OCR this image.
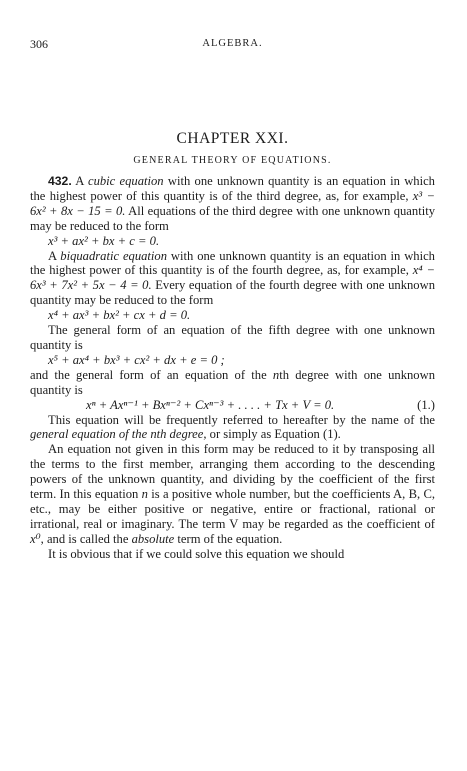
306	ALGEBRA.
CHAPTER XXI.
GENERAL THEORY OF EQUATIONS.

432. A cubic equation with one unknown quantity is an equation in which the highest power of this quantity is of the third degree, as, for example, x³ − 6x² + 8x − 15 = 0. All equations of the third degree with one unknown quantity may be reduced to the form

x³ + ax² + bx + c = 0.

A biquadratic equation with one unknown quantity is an equation in which the highest power of this quantity is of the fourth degree, as, for example, x⁴ − 6x³ + 7x² + 5x − 4 = 0. Every equation of the fourth degree with one unknown quantity may be reduced to the form

x⁴ + ax³ + bx² + cx + d = 0.

The general form of an equation of the fifth degree with one unknown quantity is

x⁵ + ax⁴ + bx³ + cx² + dx + e = 0 ;

and the general form of an equation of the nth degree with one unknown quantity is

xⁿ + Axⁿ⁻¹ + Bxⁿ⁻² + Cxⁿ⁻³ + . . . . + Tx + V = 0.	(1.)

This equation will be frequently referred to hereafter by the name of the general equation of the nth degree, or simply as Equation (1).

An equation not given in this form may be reduced to it by transposing all the terms to the first member, arranging them according to the descending powers of the unknown quantity, and dividing by the coefficient of the first term. In this equation n is a positive whole number, but the coefficients A, B, C, etc., may be either positive or negative, entire or fractional, rational or irrational, real or imaginary. The term V may be regarded as the coefficient of x⁰, and is called the absolute term of the equation.

It is obvious that if we could solve this equation we should
